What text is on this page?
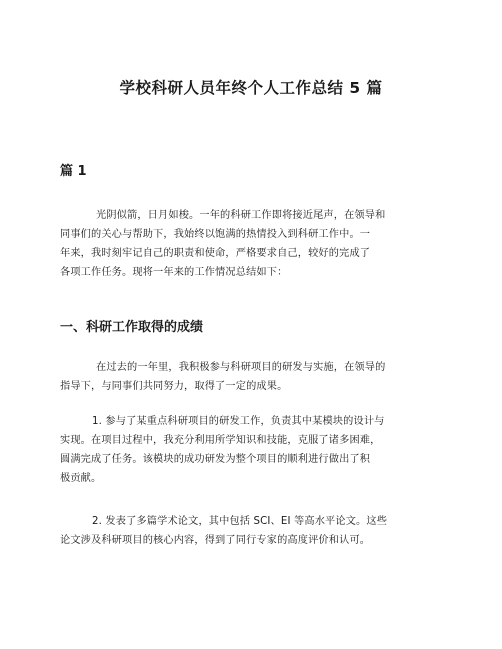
学校科研人员年终个人工作总结 5 篇
篇 1
光阴似箭，日月如梭。一年的科研工作即将接近尾声，在领导和
同事们的关心与帮助下，我始终以饱满的热情投入到科研工作中。一
年来，我时刻牢记自己的职责和使命，严格要求自己，较好的完成了
各项工作任务。现将一年来的工作情况总结如下：
一、科研工作取得的成绩
在过去的一年里，我积极参与科研项目的研发与实施，在领导的
指导下，与同事们共同努力，取得了一定的成果。
1. 参与了某重点科研项目的研发工作，负责其中某模块的设计与
实现。在项目过程中，我充分利用所学知识和技能，克服了诸多困难，
圆满完成了任务。该模块的成功研发为整个项目的顺利进行做出了积
极贡献。
2. 发表了多篇学术论文，其中包括 SCI、EI 等高水平论文。这些
论文涉及科研项目的核心内容，得到了同行专家的高度评价和认可。
